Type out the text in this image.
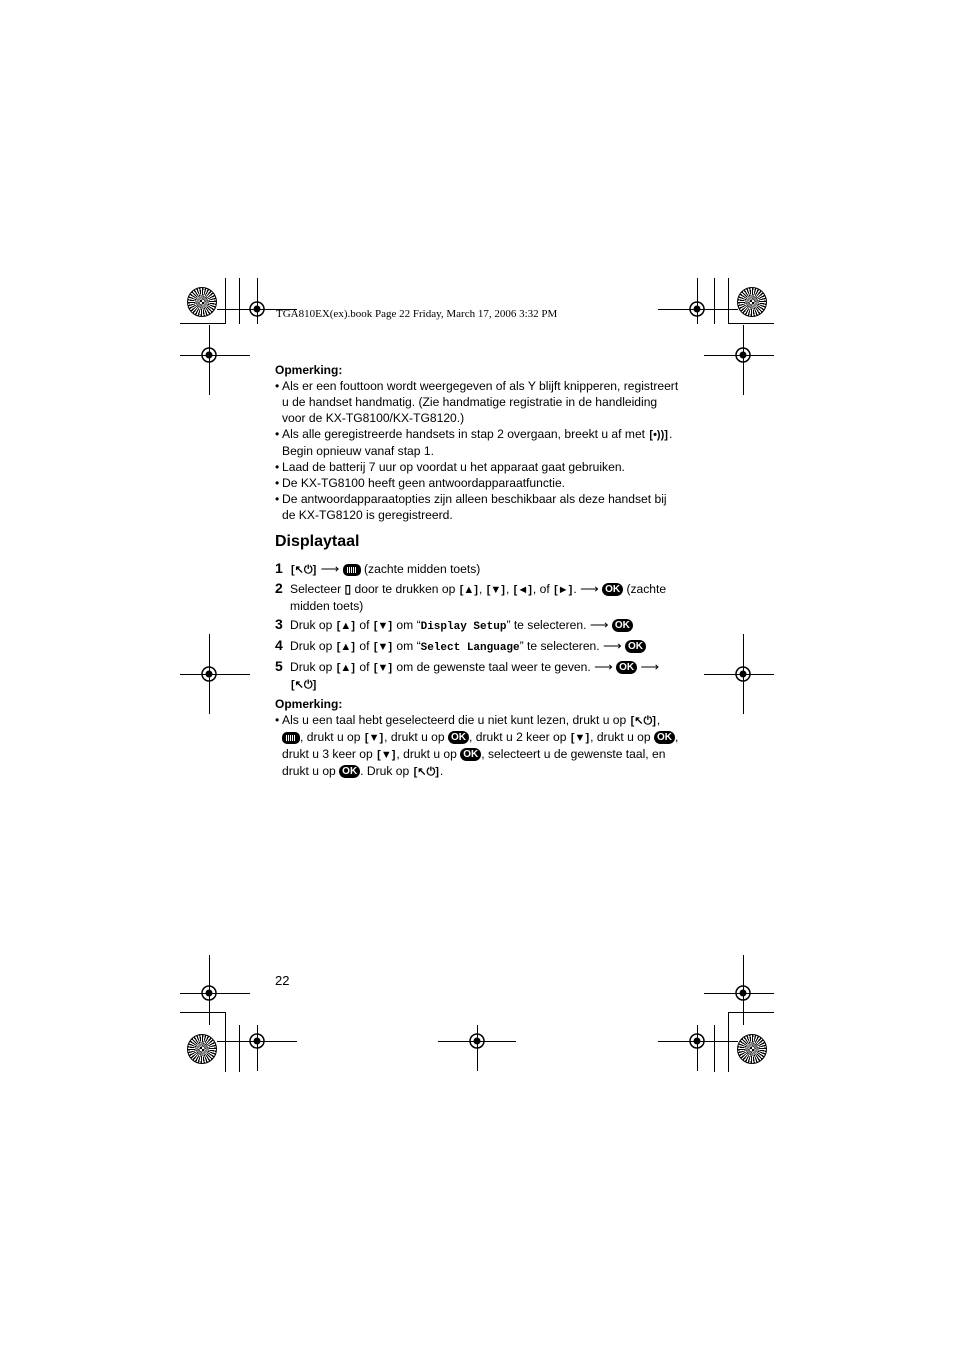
TGA810EX(ex).book Page 22 Friday, March 17, 2006 3:32 PM

Opmerking:

• Als er een fouttoon wordt weergegeven of als Y blijft knipperen, registreert u de handset handmatig. (Zie handmatige registratie in de handleiding voor de KX-TG8100/KX-TG8120.)
• Als alle geregistreerde handsets in stap 2 overgaan, breekt u af met [ •)) ] .
Begin opnieuw vanaf stap 1.
• Laad de batterij 7 uur op voordat u het apparaat gaat gebruiken.
• De KX-TG8100 heeft geen antwoordapparaatfunctie.
• De antwoordapparaatopties zijn alleen beschikbaar als deze handset bij de KX-TG8120 is geregistreerd.
Displaytaal
1 [ ↖⏻ ] ⟶ (zachte midden toets)
2 Selecteer ▯ door te drukken op [ ▲ ] , [ ▼ ] , [ ◄ ] , of [ ► ] . ⟶ OK (zachte midden toets)
3 Druk op [ ▲ ] of [ ▼ ] om “Display Setup” te selecteren. ⟶ OK
4 Druk op [ ▲ ] of [ ▼ ] om “Select Language” te selecteren. ⟶ OK
5 Druk op [ ▲ ] of [ ▼ ] om de gewenste taal weer te geven. ⟶ OK ⟶
[ ↖⏻ ]

Opmerking:

• Als u een taal hebt geselecteerd die u niet kunt lezen, drukt u op [ ↖⏻ ] , , drukt u op [ ▼ ] , drukt u op OK , drukt u 2 keer op [ ▼ ] , drukt u op OK , drukt u 3 keer op [ ▼ ] , drukt u op OK , selecteert u de gewenste taal, en drukt u op OK . Druk op [ ↖⏻ ] .
22
